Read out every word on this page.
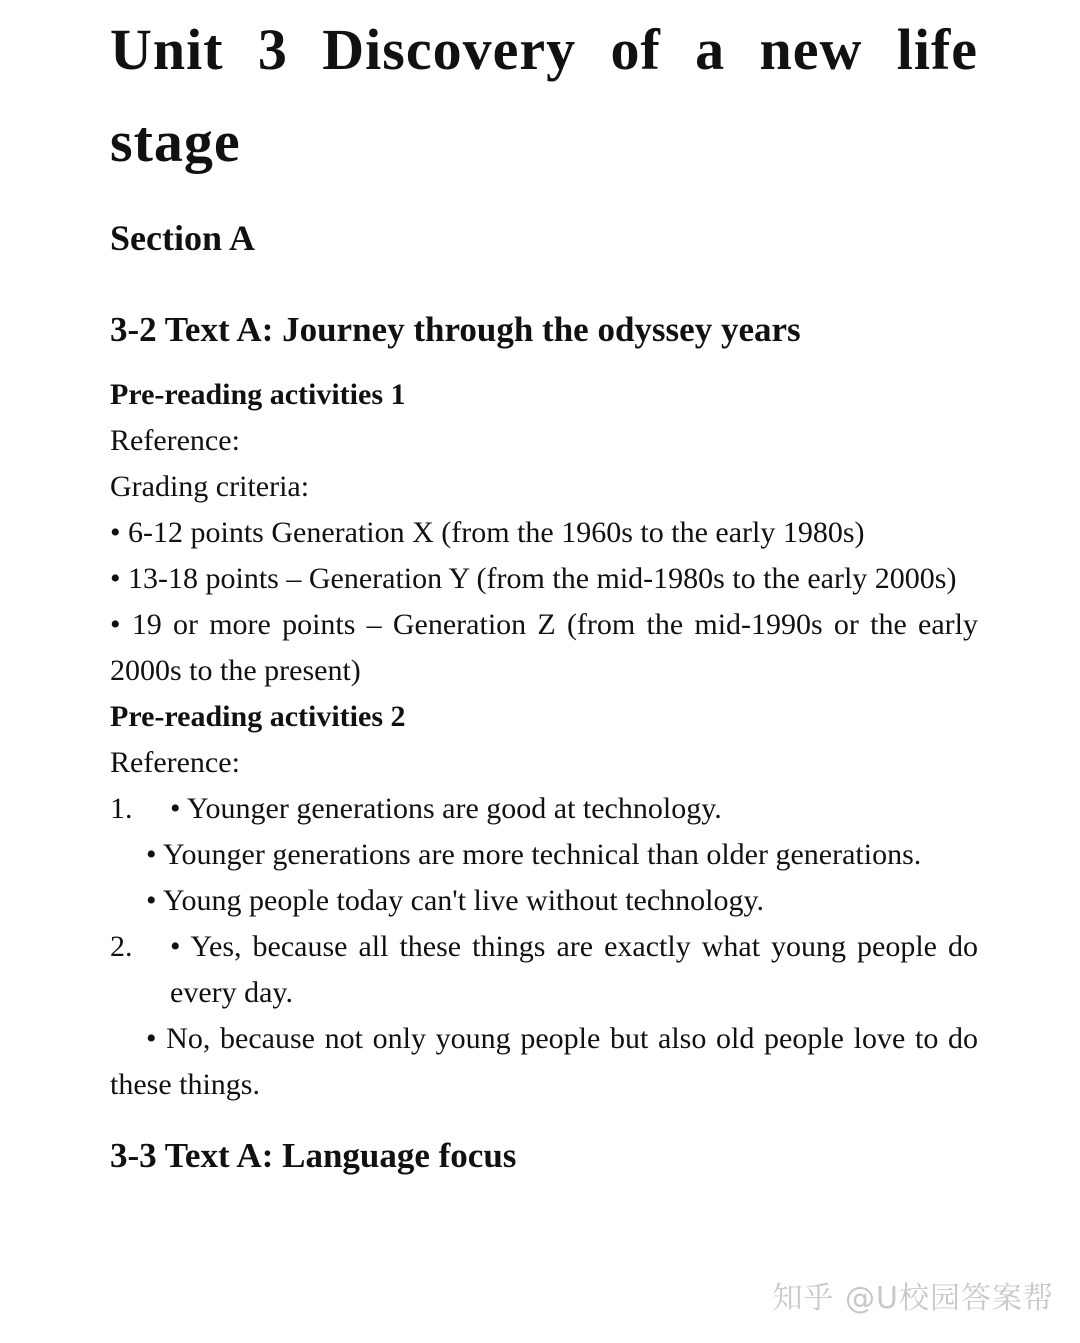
Unit 3 Discovery of a new life
stage
Section A
3-2 Text A: Journey through the odyssey years
Pre-reading activities 1
Reference:
Grading criteria:
• 6-12 points Generation X (from the 1960s to the early 1980s)
• 13-18 points – Generation Y (from the mid-1980s to the early 2000s)
• 19 or more points – Generation Z (from the mid-1990s or the early 2000s to the present)
Pre-reading activities 2
Reference:
1.	• Younger generations are good at technology.
• Younger generations are more technical than older generations.
• Young people today can't live without technology.
2.	• Yes, because all these things are exactly what young people do every day.
• No, because not only young people but also old people love to do these things.
3-3 Text A: Language focus
知乎 @U校园答案帮
